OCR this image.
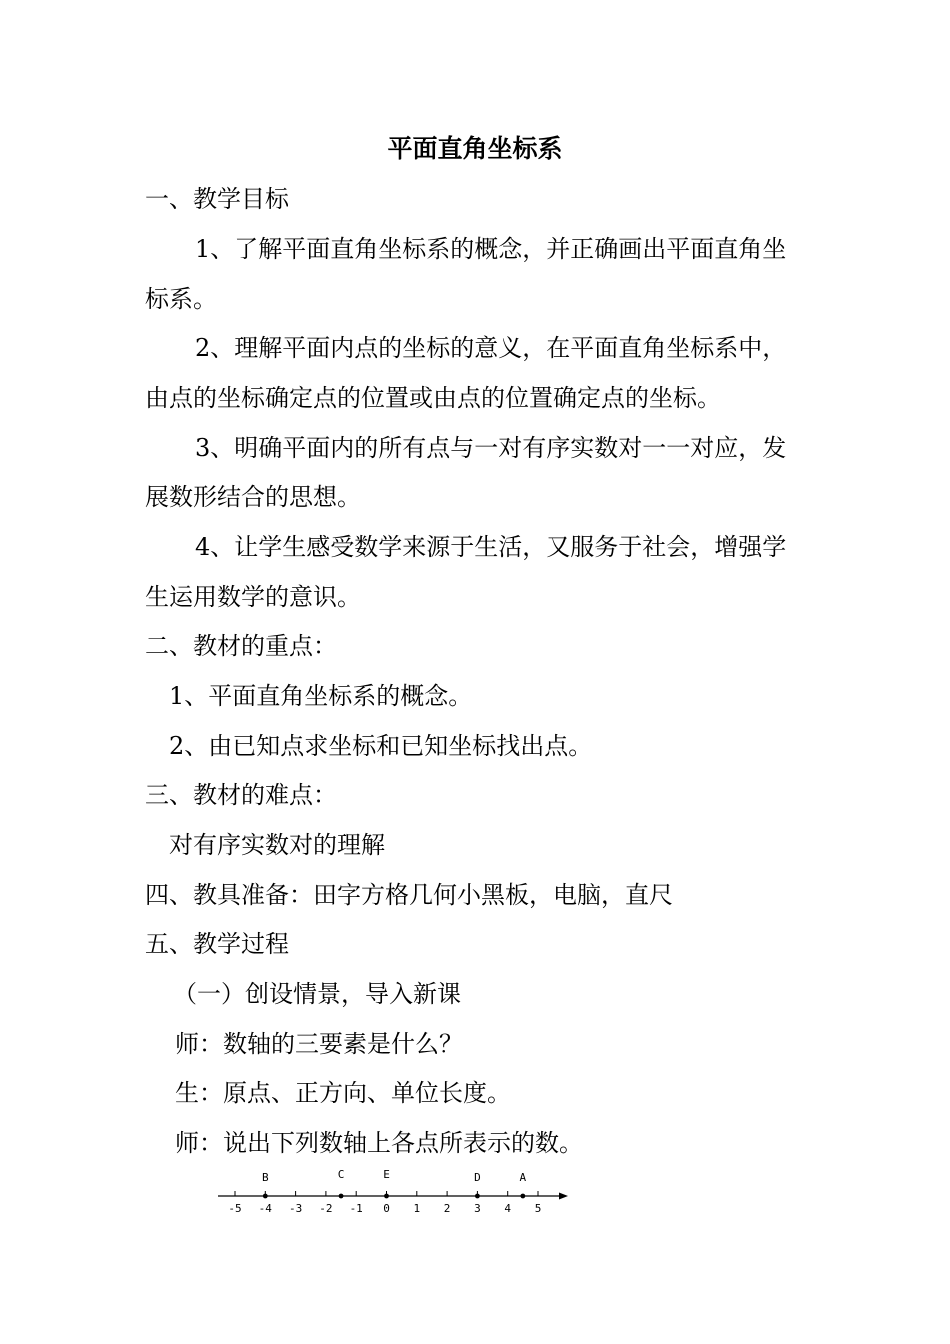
平面直角坐标系

一、教学目标

1、了解平面直角坐标系的概念，并正确画出平面直角坐

标系。

2、理解平面内点的坐标的意义，在平面直角坐标系中，

由点的坐标确定点的位置或由点的位置确定点的坐标。

3、明确平面内的所有点与一对有序实数对一一对应，发

展数形结合的思想。

4、让学生感受数学来源于生活，又服务于社会，增强学

生运用数学的意识。

二、教材的重点：

1、平面直角坐标系的概念。

2、由已知点求坐标和已知坐标找出点。

三、教材的难点：

对有序实数对的理解

四、教具准备：田字方格几何小黑板，电脑，直尺

五、教学过程

（一）创设情景，导入新课

师：数轴的三要素是什么？

生：原点、正方向、单位长度。

师：说出下列数轴上各点所表示的数。

-5 -4 -3 -2 -1 0 1 2 3 4 5
B	C	E	D	A
